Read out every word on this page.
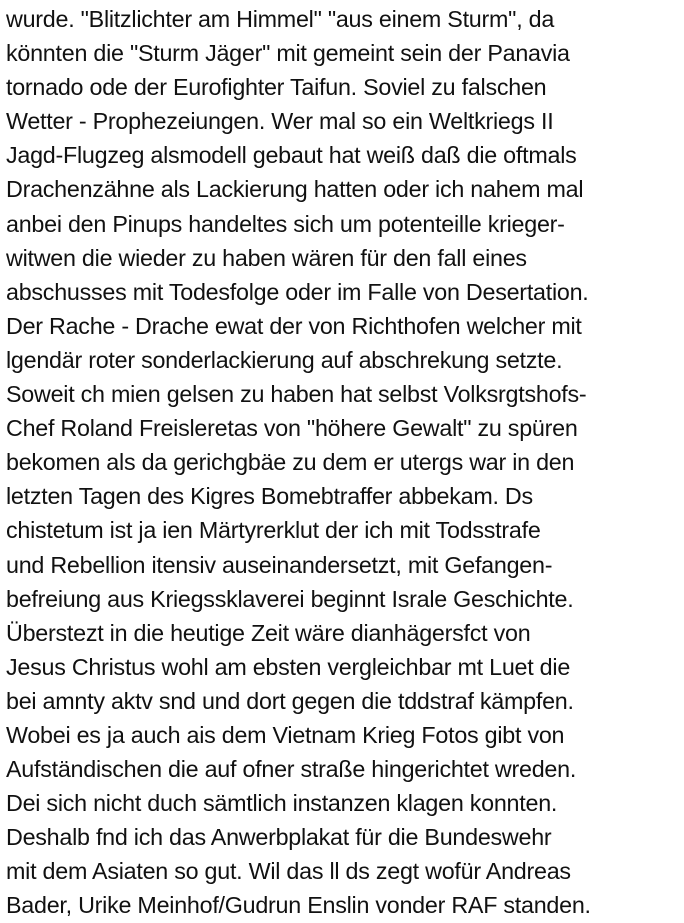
wurde. "Blitzlichter am Himmel" "aus einem Sturm", da
könnten die "Sturm Jäger" mit gemeint sein der Panavia
tornado ode der Eurofighter Taifun. Soviel zu falschen
Wetter - Prophezeiungen. Wer mal so ein Weltkriegs II
Jagd-Flugzeg alsmodell gebaut hat weiß daß die oftmals
Drachenzähne als Lackierung hatten oder ich nahem mal
anbei den Pinups handeltes sich um potenteille krieger-
witwen die wieder zu haben wären für den fall eines
abschusses mit Todesfolge oder im Falle von Desertation.
Der Rache - Drache ewat der von Richthofen welcher mit
lgendär roter sonderlackierung auf abschrekung setzte.
Soweit ch mien gelsen zu haben hat selbst Volksrgtshofs-
Chef Roland Freisleretas von "höhere Gewalt" zu spüren
bekomen als da gerichgbäe zu dem er utergs war in den
letzten Tagen des Kigres Bomebtraffer abbekam. Ds
chistetum ist ja ien Märtyrerklut der ich mit Todsstrafe
und Rebellion itensiv auseinandersetzt, mit Gefangen-
befreiung aus Kriegssklaverei beginnt Israle Geschichte.
Überstezt in die heutige Zeit wäre dianhägersfct von
Jesus Christus wohl am ebsten vergleichbar mt Luet die
bei amnty aktv snd und dort gegen die tddstraf kämpfen.
Wobei es ja auch ais dem Vietnam Krieg Fotos gibt von
Aufständischen die auf ofner straße hingerichtet wreden.
Dei sich nicht duch sämtlich instanzen klagen konnten.
Deshalb fnd ich das Anwerbplakat für die Bundeswehr
mit dem Asiaten so gut. Wil das ll ds zegt wofür Andreas
Bader, Urike Meinhof/Gudrun Enslin vonder RAF standen.
